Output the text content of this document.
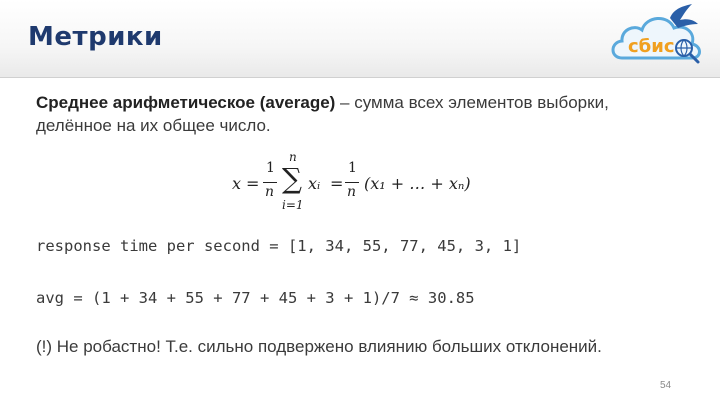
Метрики	сбис
Среднее арифметическое (average) – сумма всех элементов выборки, делённое на их общее число.
x =
1
n
n
∑
i=1
xᵢ =
1
n (x₁ + … + xₙ)
response time per second = [1, 34, 55, 77, 45, 3, 1]
avg = (1 + 34 + 55 + 77 + 45 + 3 + 1)/7 ≈ 30.85
(!) Не робастно! Т.е. сильно подвержено влиянию больших отклонений.
54
